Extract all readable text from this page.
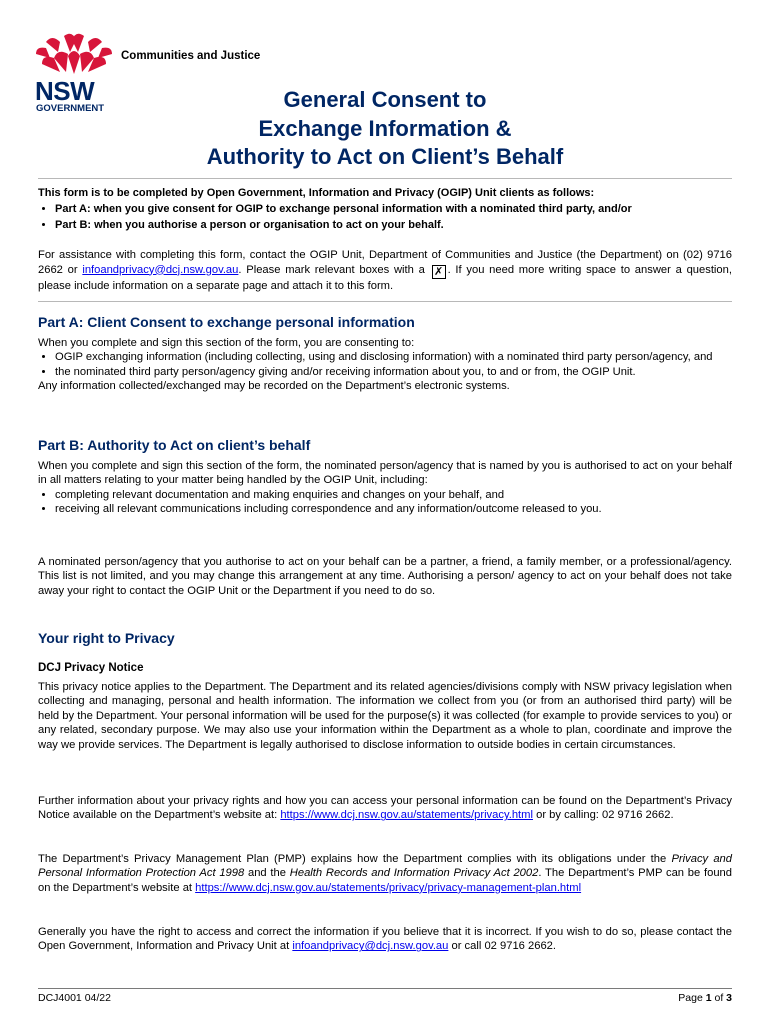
NSW
GOVERNMENT
Communities and Justice
General Consent to
Exchange Information &
Authority to Act on Client’s Behalf

This form is to be completed by Open Government, Information and Privacy (OGIP) Unit clients as follows:

• Part A: when you give consent for OGIP to exchange personal information with a nominated third party, and/or
• Part B: when you authorise a person or organisation to act on your behalf.
For assistance with completing this form, contact the OGIP Unit, Department of Communities and Justice (the Department) on (02) 9716 2662 or infoandprivacy@dcj.nsw.gov.au. Please mark relevant boxes with a ✗ . If you need more writing space to answer a question, please include information on a separate page and attach it to this form.
Part A: Client Consent to exchange personal information

When you complete and sign this section of the form, you are consenting to:

• OGIP exchanging information (including collecting, using and disclosing information) with a nominated third party person/agency, and
• the nominated third party person/agency giving and/or receiving information about you, to and or from, the OGIP Unit.

Any information collected/exchanged may be recorded on the Department’s electronic systems.

Part B: Authority to Act on client’s behalf

When you complete and sign this section of the form, the nominated person/agency that is named by you is authorised to act on your behalf in all matters relating to your matter being handled by the OGIP Unit, including:

• completing relevant documentation and making enquiries and changes on your behalf, and
• receiving all relevant communications including correspondence and any information/outcome released to you.
A nominated person/agency that you authorise to act on your behalf can be a partner, a friend, a family member, or a professional/agency. This list is not limited, and you may change this arrangement at any time. Authorising a person/ agency to act on your behalf does not take away your right to contact the OGIP Unit or the Department if you need to do so.
Your right to Privacy
DCJ Privacy Notice
This privacy notice applies to the Department. The Department and its related agencies/divisions comply with NSW privacy legislation when collecting and managing, personal and health information. The information we collect from you (or from an authorised third party) will be held by the Department. Your personal information will be used for the purpose(s) it was collected (for example to provide services to you) or any related, secondary purpose. We may also use your information within the Department as a whole to plan, coordinate and improve the way we provide services. The Department is legally authorised to disclose information to outside bodies in certain circumstances.
Further information about your privacy rights and how you can access your personal information can be found on the Department’s Privacy Notice available on the Department’s website at: https://www.dcj.nsw.gov.au/statements/privacy.html or by calling: 02 9716 2662.
The Department’s Privacy Management Plan (PMP) explains how the Department complies with its obligations under the Privacy and Personal Information Protection Act 1998 and the Health Records and Information Privacy Act 2002. The Department’s PMP can be found on the Department’s website at https://www.dcj.nsw.gov.au/statements/privacy/privacy-management-plan.html
Generally you have the right to access and correct the information if you believe that it is incorrect. If you wish to do so, please contact the Open Government, Information and Privacy Unit at infoandprivacy@dcj.nsw.gov.au or call 02 9716 2662.
DCJ4001 04/22	Page 1 of 3
